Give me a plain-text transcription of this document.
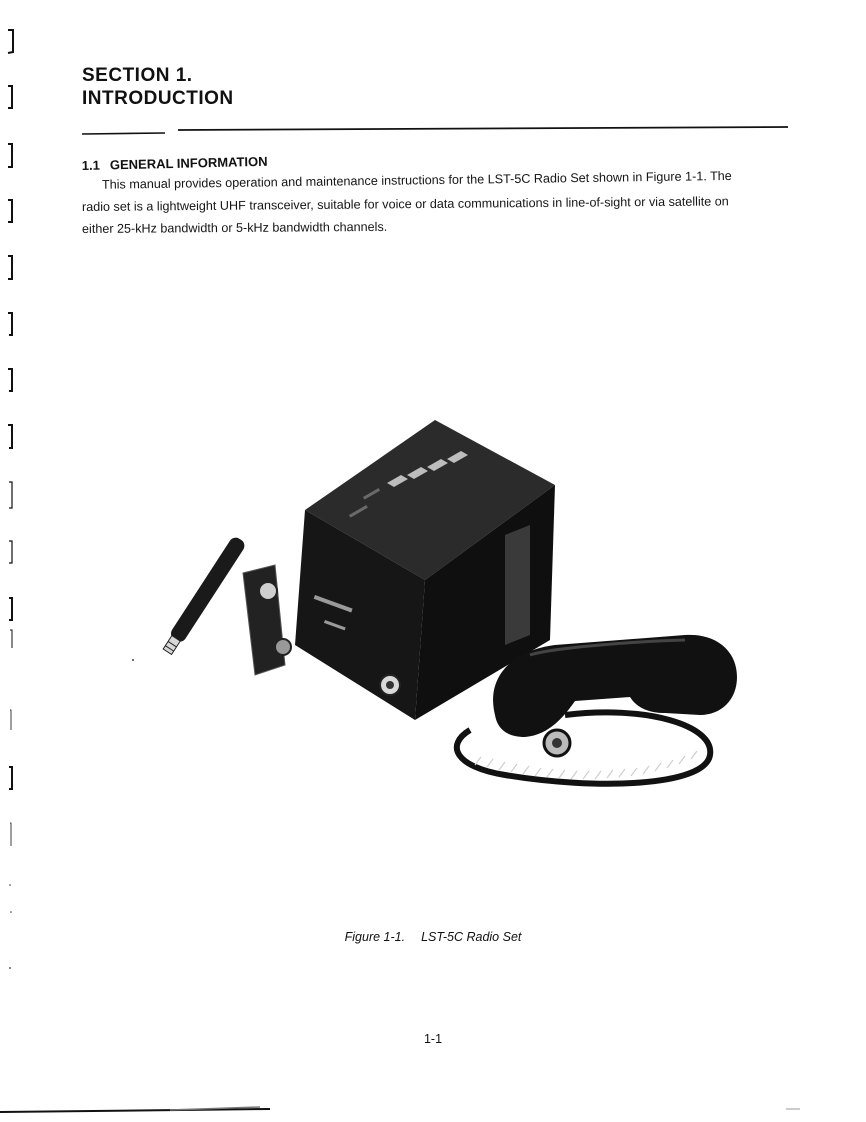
SECTION 1.
INTRODUCTION
1.1 GENERAL INFORMATION
This manual provides operation and maintenance instructions for the LST-5C Radio Set shown in Figure 1-1. The
radio set is a lightweight UHF transceiver, suitable for voice or data communications in line-of-sight or via satellite on
either 25-kHz bandwidth or 5-kHz bandwidth channels.
Figure 1-1. LST-5C Radio Set
1-1
